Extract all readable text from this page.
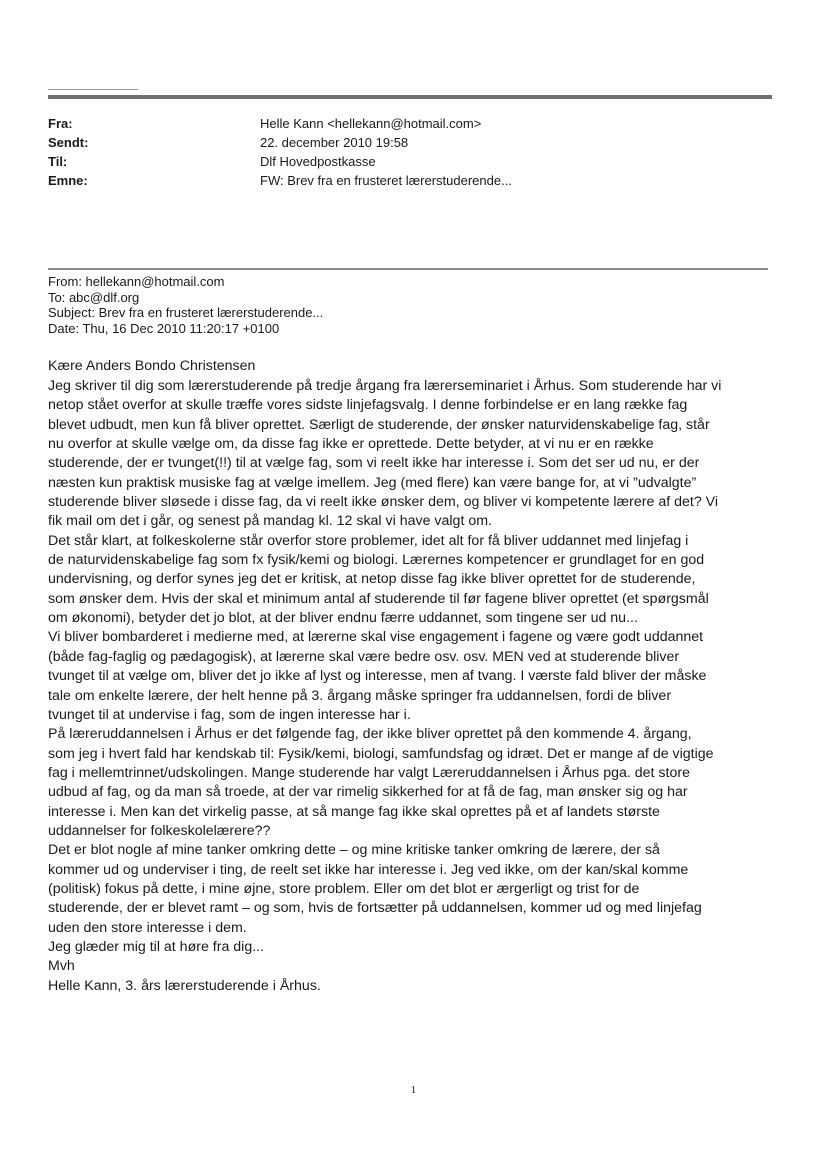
Fra:	Helle Kann <hellekann@hotmail.com>
Sendt:	22. december 2010 19:58
Til:	Dlf Hovedpostkasse
Emne:	FW: Brev fra en frusteret lærerstuderende...
From: hellekann@hotmail.com
To: abc@dlf.org
Subject: Brev fra en frusteret lærerstuderende...
Date: Thu, 16 Dec 2010 11:20:17 +0100
Kære Anders Bondo Christensen
Jeg skriver til dig som lærerstuderende på tredje årgang fra lærerseminariet i Århus. Som studerende har vi
netop stået overfor at skulle træffe vores sidste linjefagsvalg. I denne forbindelse er en lang række fag
blevet udbudt, men kun få bliver oprettet. Særligt de studerende, der ønsker naturvidenskabelige fag, står
nu overfor at skulle vælge om, da disse fag ikke er oprettede. Dette betyder, at vi nu er en række
studerende, der er tvunget(!!) til at vælge fag, som vi reelt ikke har interesse i. Som det ser ud nu, er der
næsten kun praktisk musiske fag at vælge imellem. Jeg (med flere) kan være bange for, at vi ”udvalgte”
studerende bliver sløsede i disse fag, da vi reelt ikke ønsker dem, og bliver vi kompetente lærere af det? Vi
fik mail om det i går, og senest på mandag kl. 12 skal vi have valgt om.
Det står klart, at folkeskolerne står overfor store problemer, idet alt for få bliver uddannet med linjefag i
de naturvidenskabelige fag som fx fysik/kemi og biologi. Lærernes kompetencer er grundlaget for en god
undervisning, og derfor synes jeg det er kritisk, at netop disse fag ikke bliver oprettet for de studerende,
som ønsker dem. Hvis der skal et minimum antal af studerende til før fagene bliver oprettet (et spørgsmål
om økonomi), betyder det jo blot, at der bliver endnu færre uddannet, som tingene ser ud nu...
Vi bliver bombarderet i medierne med, at lærerne skal vise engagement i fagene og være godt uddannet
(både fag-faglig og pædagogisk), at lærerne skal være bedre osv. osv. MEN ved at studerende bliver
tvunget til at vælge om, bliver det jo ikke af lyst og interesse, men af tvang. I værste fald bliver der måske
tale om enkelte lærere, der helt henne på 3. årgang måske springer fra uddannelsen, fordi de bliver
tvunget til at undervise i fag, som de ingen interesse har i.
På læreruddannelsen i Århus er det følgende fag, der ikke bliver oprettet på den kommende 4. årgang,
som jeg i hvert fald har kendskab til: Fysik/kemi, biologi, samfundsfag og idræt. Det er mange af de vigtige
fag i mellemtrinnet/udskolingen. Mange studerende har valgt Læreruddannelsen i Århus pga. det store
udbud af fag, og da man så troede, at der var rimelig sikkerhed for at få de fag, man ønsker sig og har
interesse i. Men kan det virkelig passe, at så mange fag ikke skal oprettes på et af landets største
uddannelser for folkeskolelærere??
Det er blot nogle af mine tanker omkring dette – og mine kritiske tanker omkring de lærere, der så
kommer ud og underviser i ting, de reelt set ikke har interesse i. Jeg ved ikke, om der kan/skal komme
(politisk) fokus på dette, i mine øjne, store problem. Eller om det blot er ærgerligt og trist for de
studerende, der er blevet ramt – og som, hvis de fortsætter på uddannelsen, kommer ud og med linjefag
uden den store interesse i dem.
Jeg glæder mig til at høre fra dig...
Mvh
Helle Kann, 3. års lærerstuderende i Århus.
1
